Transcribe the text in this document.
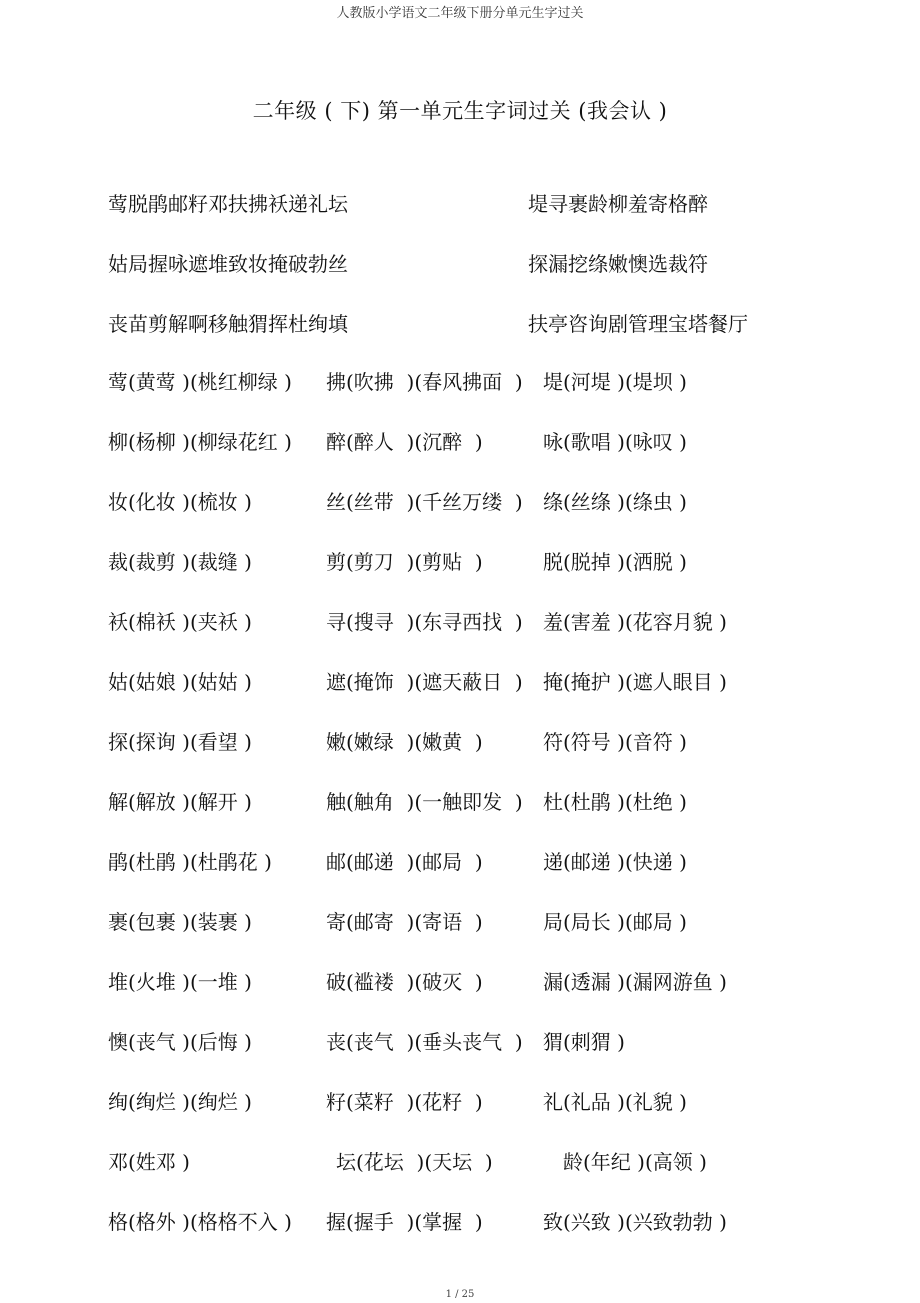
人教版小学语文二年级下册分单元生字过关
二年级 ( 下) 第一单元生字词过关 (我会认 )
莺脱鹃邮籽邓扶拂袄递礼坛	堤寻裹龄柳羞寄格醉
姑局握咏遮堆致妆掩破勃丝	探漏挖绦嫩懊选裁符
丧苗剪解啊移触猬挥杜绚填	扶亭咨询剧管理宝塔餐厅
莺(黄莺 )(桃红柳绿 ) 拂(吹拂  )(春风拂面  ) 堤(河堤 )(堤坝 )
柳(杨柳 )(柳绿花红 ) 醉(醉人  )(沉醉  )	咏(歌唱 )(咏叹 )
妆(化妆 )(梳妆 )	丝(丝带  )(千丝万缕  ) 绦(丝绦 )(绦虫 )
裁(裁剪 )(裁缝 )	剪(剪刀  )(剪贴  )	脱(脱掉 )(洒脱 )
袄(棉袄 )(夹袄 )	寻(搜寻  )(东寻西找  ) 羞(害羞 )(花容月貌 )
姑(姑娘 )(姑姑 )	遮(掩饰  )(遮天蔽日  ) 掩(掩护 )(遮人眼目 )
探(探询 )(看望 )	嫩(嫩绿  )(嫩黄  )	符(符号 )(音符 )
解(解放 )(解开 )	触(触角  )(一触即发  ) 杜(杜鹃 )(杜绝 )
鹃(杜鹃 )(杜鹃花 )	邮(邮递  )(邮局  )	递(邮递 )(快递 )
裹(包裹 )(装裹 )	寄(邮寄  )(寄语  )	局(局长 )(邮局 )
堆(火堆 )(一堆 )	破(褴褛  )(破灭  )	漏(透漏 )(漏网游鱼 )
懊(丧气 )(后悔 )	丧(丧气  )(垂头丧气  ) 猬(刺猬 )
绚(绚烂 )(绚烂 )	籽(菜籽  )(花籽  )	礼(礼品 )(礼貌 )
邓(姓邓 )	坛(花坛  )(天坛  )	龄(年纪 )(高领 )
格(格外 )(格格不入 ) 握(握手  )(掌握  )	致(兴致 )(兴致勃勃 )
1 / 25
